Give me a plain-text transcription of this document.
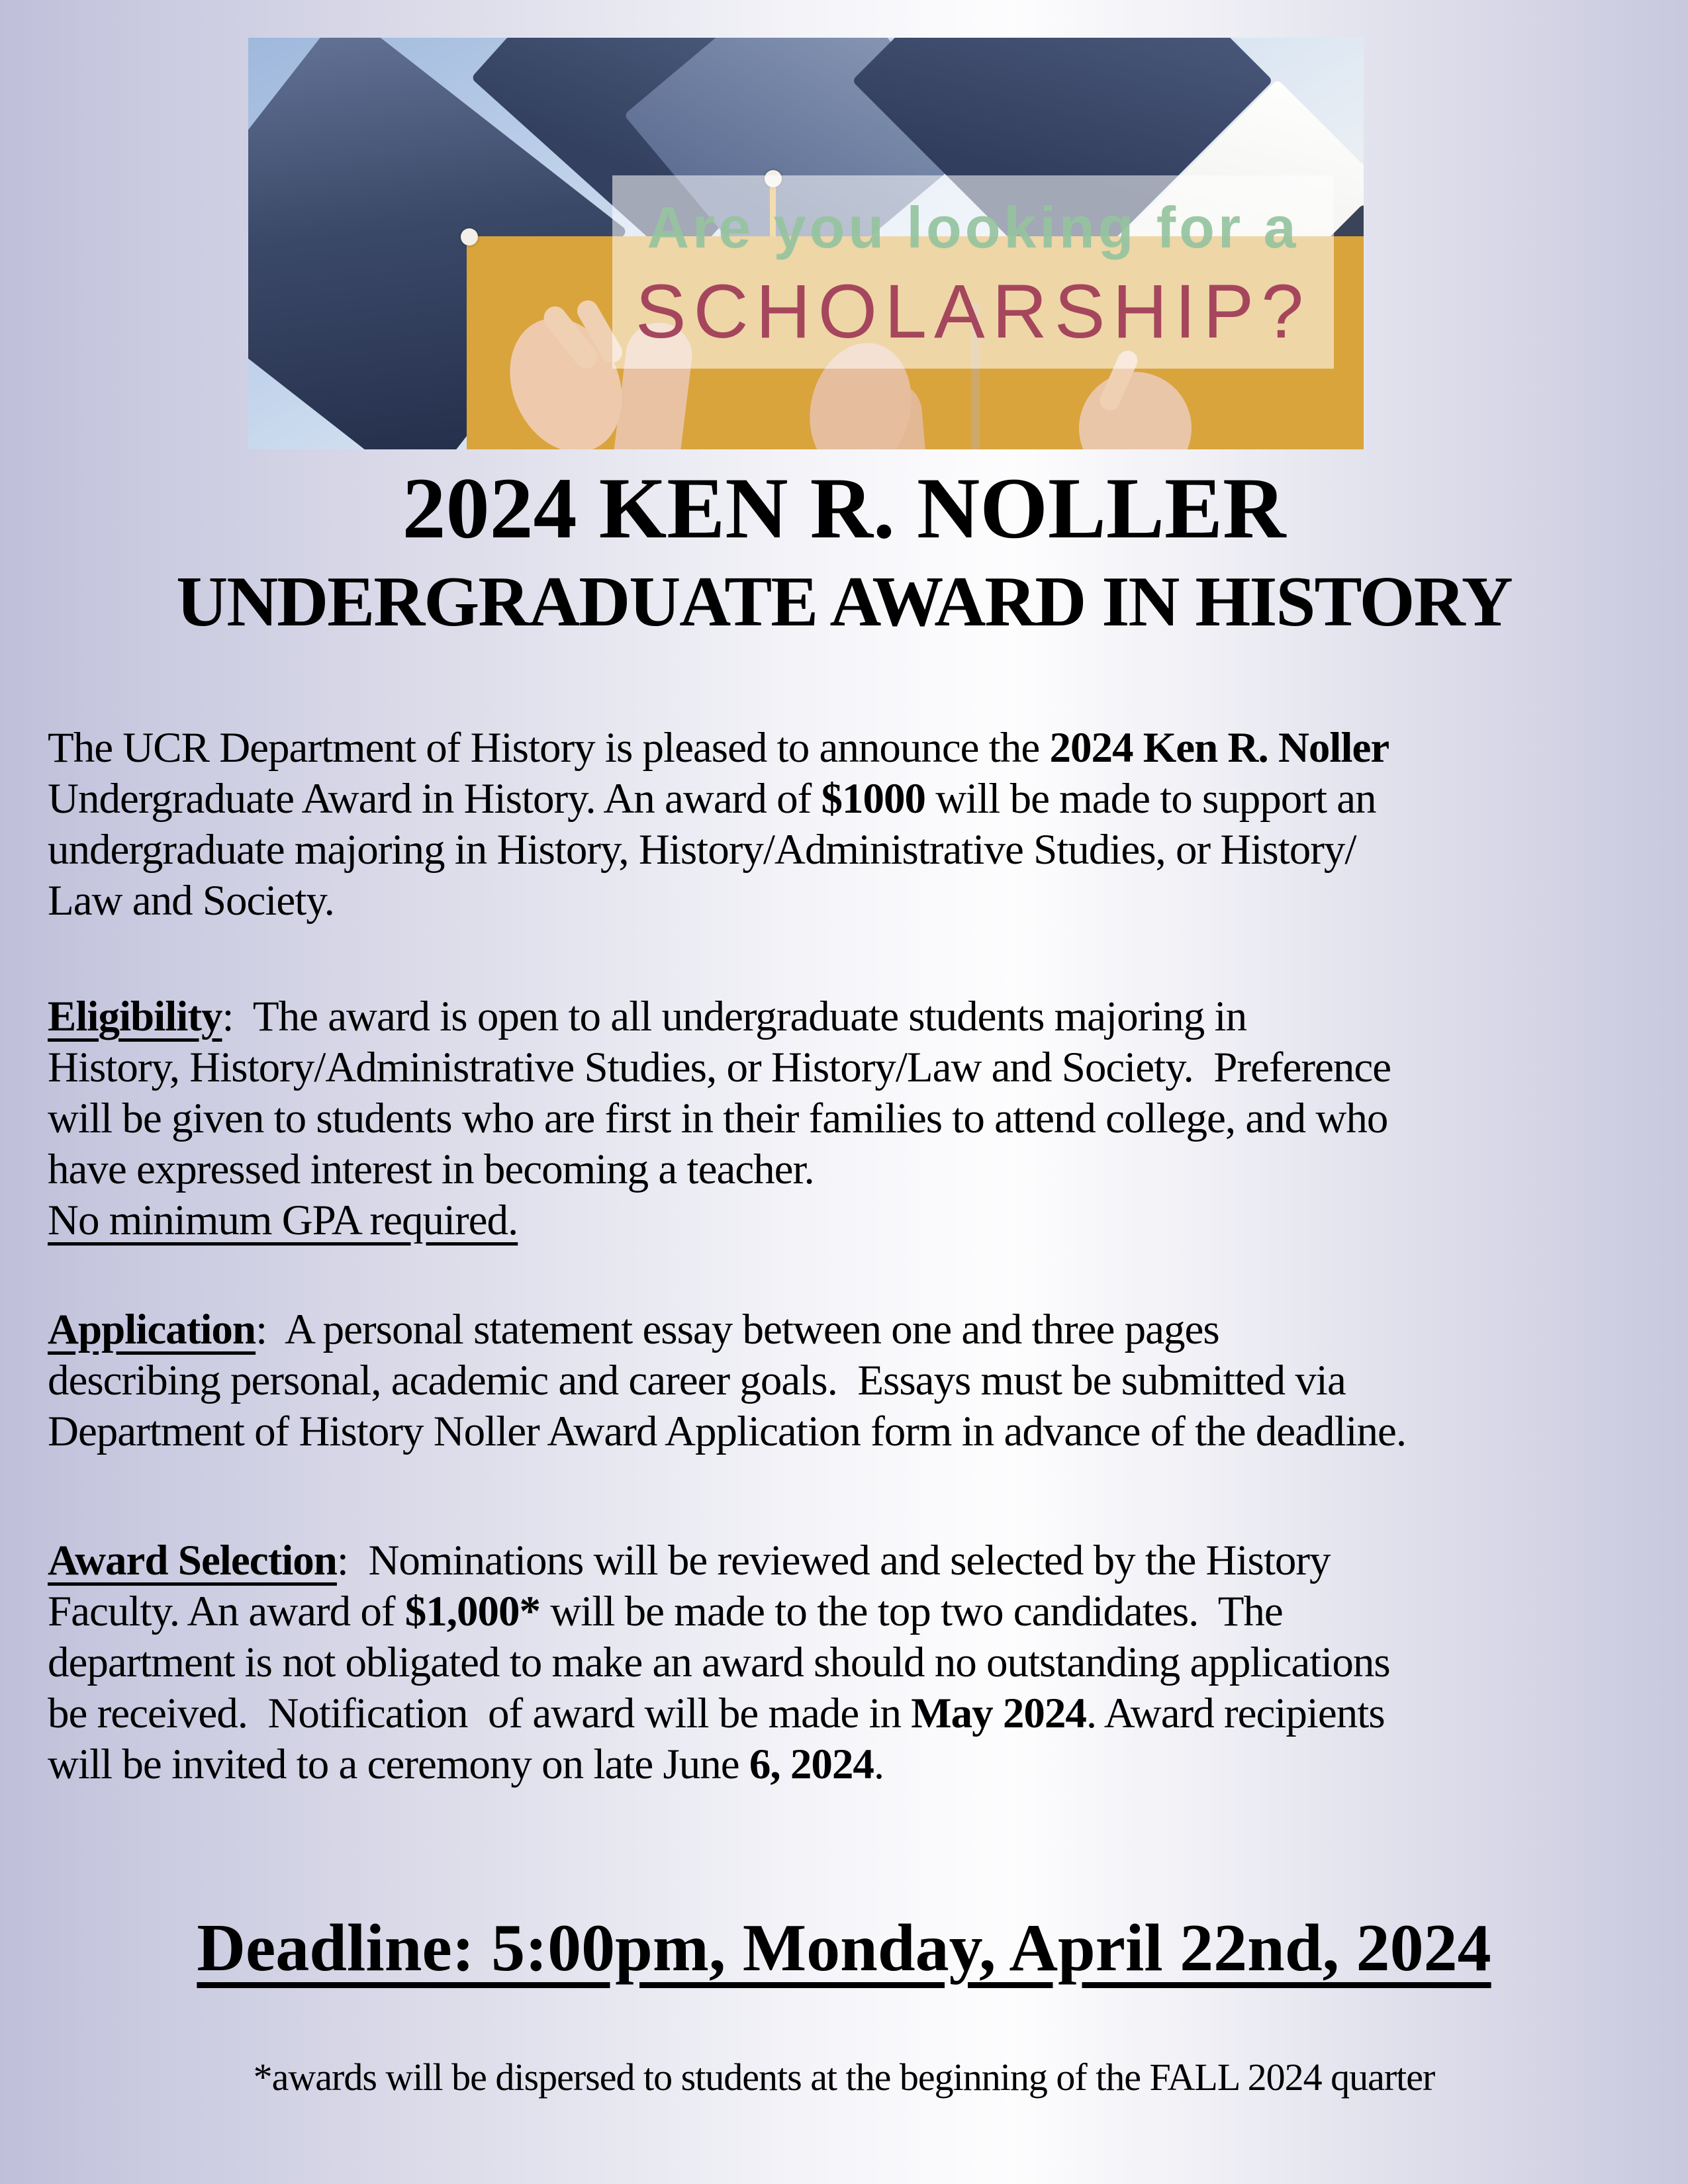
Are you looking for a
SCHOLARSHIP?
2024 KEN R. NOLLER
UNDERGRADUATE AWARD IN HISTORY
The UCR Department of History is pleased to announce the 2024 Ken R. Noller
Undergraduate Award in History. An award of $1000 will be made to support an
undergraduate majoring in History, History/Administrative Studies, or History/
Law and Society.
Eligibility:  The award is open to all undergraduate students majoring in
History, History/Administrative Studies, or History/Law and Society.  Preference
will be given to students who are first in their families to attend college, and who
have expressed interest in becoming a teacher.
No minimum GPA required.
Application:  A personal statement essay between one and three pages
describing personal, academic and career goals.  Essays must be submitted via
Department of History Noller Award Application form in advance of the deadline.
Award Selection:  Nominations will be reviewed and selected by the History
Faculty. An award of $1,000* will be made to the top two candidates.  The
department is not obligated to make an award should no outstanding applications
be received.  Notification  of award will be made in May 2024. Award recipients
will be invited to a ceremony on late June 6, 2024.
Deadline: 5:00pm, Monday, April 22nd, 2024
*awards will be dispersed to students at the beginning of the FALL 2024 quarter
